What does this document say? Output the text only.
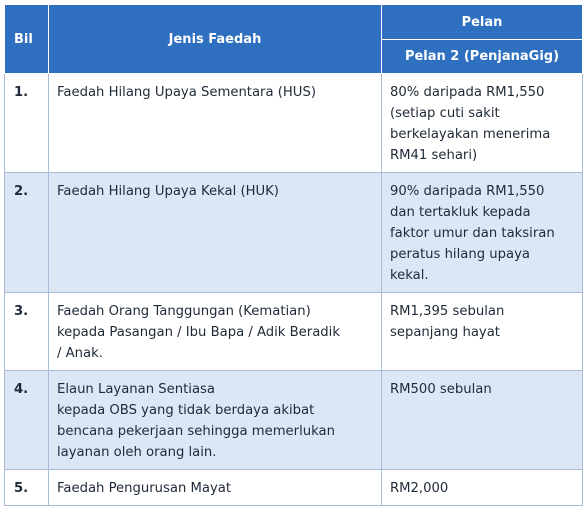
Bil	Jenis Faedah	Pelan
		Pelan 2 (PenjanaGig)
1.	Faedah Hilang Upaya Sementara (HUS)	80% daripada RM1,550
(setiap cuti sakit
berkelayakan menerima
RM41 sehari)

2.	Faedah Hilang Upaya Kekal (HUK)	90% daripada RM1,550
dan tertakluk kepada
faktor umur dan taksiran
peratus hilang upaya
kekal.

3.	Faedah Orang Tanggungan (Kematian)
kepada Pasangan / Ibu Bapa / Adik Beradik
/ Anak.	RM1,395 sebulan
sepanjang hayat

4.	Elaun Layanan Sentiasa
kepada OBS yang tidak berdaya akibat
bencana pekerjaan sehingga memerlukan
layanan oleh orang lain.	RM500 sebulan

5.	Faedah Pengurusan Mayat	RM2,000
